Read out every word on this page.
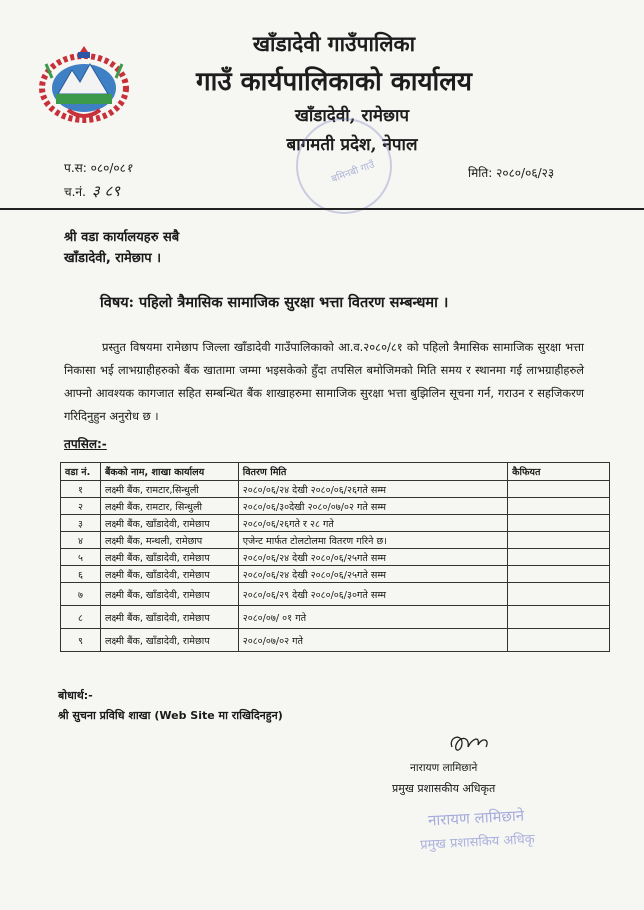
खाँडादेवी गाउँपालिका
गाउँ कार्यपालिकाको कार्यालय
खाँडादेवी, रामेछाप
बागमती प्रदेश, नेपाल
बमिनबी गाउँ
प.स: ०८०/०८१
च.नं. ३ ८९
मिति: २०८०/०६/२३
श्री वडा कार्यालयहरु सबै
खाँडादेवी, रामेछाप ।
विषय: पहिलो त्रैमासिक सामाजिक सुरक्षा भत्ता वितरण सम्बन्धमा ।
प्रस्तुत विषयमा रामेछाप जिल्ला खाँडादेवी गाउँपालिकाको आ.व.२०८०/८१ को पहिलो त्रैमासिक सामाजिक सुरक्षा भत्ता निकासा भई लाभग्राहीहरुको बैंक खातामा जम्मा भइसकेको हुँदा तपसिल बमोजिमको मिति समय र स्थानमा गई लाभग्राहीहरुले आफ्नो आवश्यक कागजात सहित सम्बन्धित बैंक शाखाहरुमा सामाजिक सुरक्षा भत्ता बुझिलिन सूचना गर्न, गराउन र सहजिकरण गरिदिनुहुन अनुरोध छ ।
तपसिल:-
वडा नं.	बैंकको नाम, शाखा कार्यालय	वितरण मिति	कैफियत
१	लक्ष्मी बैंक, रामटार,सिन्धुली	२०८०/०६/२४ देखी २०८०/०६/२६गते सम्म	
२	लक्ष्मी बैंक, रामटार, सिन्धुली	२०८०/०६/३०देखी २०८०/०७/०२ गते सम्म	
३	लक्ष्मी बैंक, खाँडादेवी, रामेछाप	२०८०/०६/२६गते र २८ गते	
४	लक्ष्मी बैंक, मन्थली, रामेछाप	एजेन्ट मार्फत टोलटोलमा वितरण गरिने छ।	
५	लक्ष्मी बैंक, खाँडादेवी, रामेछाप	२०८०/०६/२४ देखी २०८०/०६/२५गते सम्म	
६	लक्ष्मी बैंक, खाँडादेवी, रामेछाप	२०८०/०६/२४ देखी २०८०/०६/२५गते सम्म	
७	लक्ष्मी बैंक, खाँडादेवी, रामेछाप	२०८०/०६/२९ देखी २०८०/०६/३०गते सम्म	
८	लक्ष्मी बैंक, खाँडादेवी, रामेछाप	२०८०/०७/ ०१ गते	
९	लक्ष्मी बैंक, खाँडादेवी, रामेछाप	२०८०/०७/०२ गते	
बोधार्थ:-
श्री सुचना प्रविधि शाखा (Web Site मा राखिदिनहुन)
नारायण लामिछाने
प्रमुख प्रशासकीय अधिकृत
नारायण लामिछाने
प्रमुख प्रशासकिय अधिकृ
